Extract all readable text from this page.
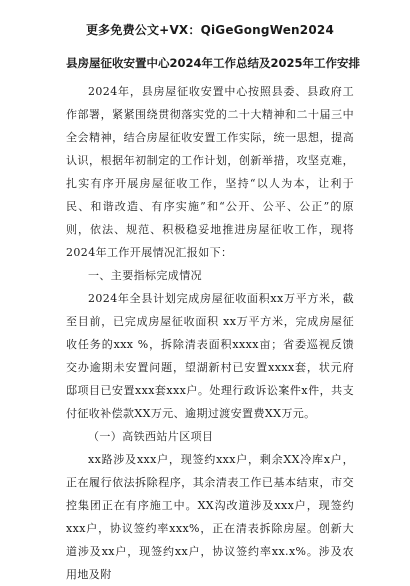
更多免费公文+VX：QiGeGongWen2024
县房屋征收安置中心2024年工作总结及2025年工作安排

2024年，县房屋征收安置中心按照县委、县政府工作部署，紧紧围绕贯彻落实党的二十大精神和二十届三中全会精神，结合房屋征收安置工作实际，统一思想，提高认识，根据年初制定的工作计划，创新举措，攻坚克难，扎实有序开展房屋征收工作，坚持“以人为本，让利于民、和谐改造、有序实施”和“公开、公平、公正”的原则，依法、规范、积极稳妥地推进房屋征收工作，现将2024年工作开展情况汇报如下：

一、主要指标完成情况

2024年全县计划完成房屋征收面积xx万平方米，截至目前，已完成房屋征收面积 xx万平方米，完成房屋征收任务的xxx %，拆除清表面积xxxx亩；省委巡视反馈交办逾期未安置问题，望湖新村已安置xxxx套，状元府邸项目已安置xxx套xxx户。处理行政诉讼案件x件，共支付征收补偿款XX万元、逾期过渡安置费XX万元。

（一）高铁西站片区项目

xx路涉及xxx户，现签约xxx户，剩余XX冷库x户，正在履行依法拆除程序，其余清表工作已基本结束，市交控集团正在有序施工中。XX沟改道涉及xxx户，现签约xxx户，协议签约率xxx%，正在清表拆除房屋。创新大道涉及xx户，现签约xx户，协议签约率xx.x%。涉及农用地及附
